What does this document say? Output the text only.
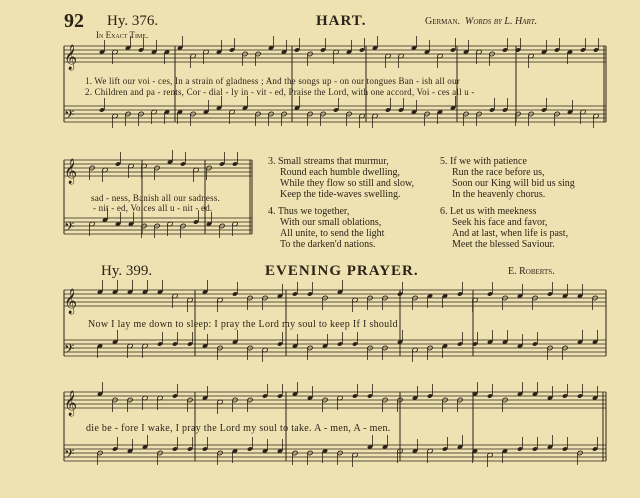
92 Hy. 376.	HART.	German. Words by L. Hart.
In Exact Time.
𝄞
𝄢
𝄞
𝄢
𝄞
𝄢
𝄞
𝄢
1. We lift our voi - ces, In a strain of gladness ; And the songs up - on our tongues Ban - ish all our
2. Children and pa - rents, Cor - dial - ly in - vit - ed, Praise the Lord, with one accord, Voi - ces all u -
sad - ness, Banish all our sadness.
- nit - ed, Voices all u - nit - ed.
3. Small streams that murmur,
Round each humble dwelling,
While they flow so still and slow,
Keep the tide-waves swelling.
4. Thus we together,
With our small oblations,
All unite, to send the light
To the darken'd nations.
5. If we with patience
Run the race before us,
Soon our King will bid us sing
In the heavenly chorus.
6. Let us with meekness
Seek his face and favor,
And at last, when life is past,
Meet the blessed Saviour.
Hy. 399.	EVENING PRAYER.	E. Roberts.
Now I lay me down to sleep: I pray the Lord my soul to keep If I should
die be - fore I wake, I pray the Lord my soul to take. A - men, A - men.
